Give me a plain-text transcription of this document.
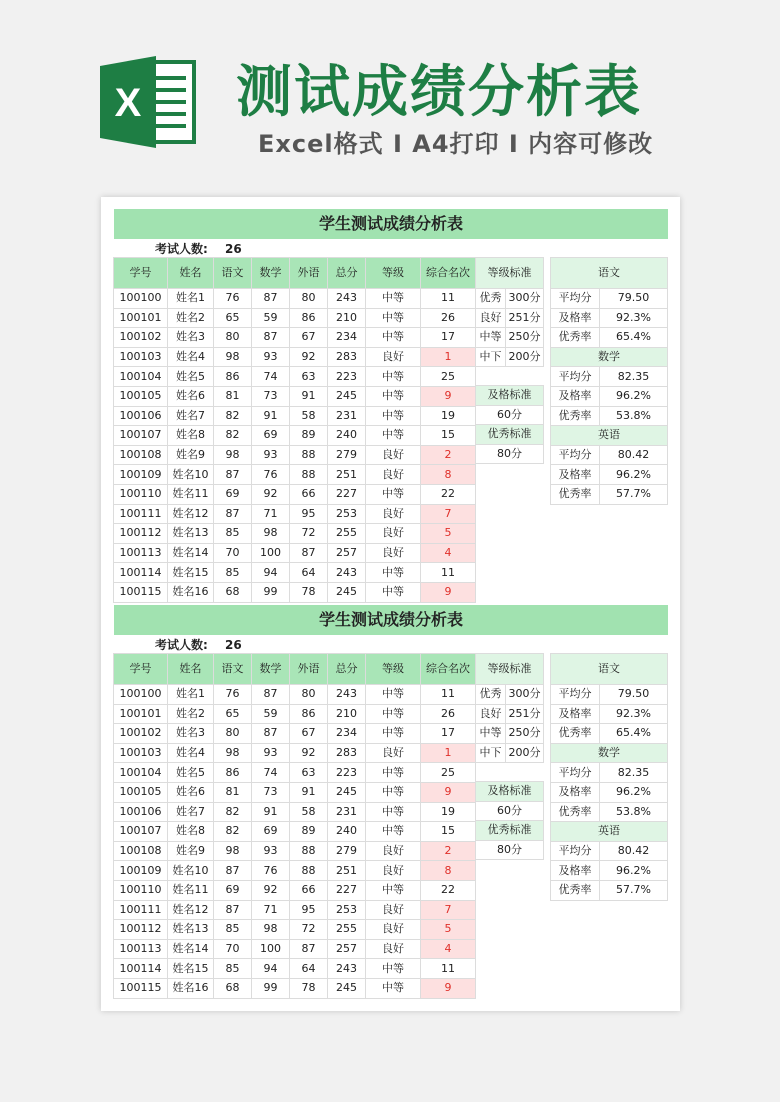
X 测试成绩分析表
Excel格式 Ⅰ A4打印 Ⅰ 内容可修改
学生测试成绩分析表
考试人数: 26
学号	姓名	语文	数学	外语	总分	等级	综合名次
100100	姓名1	76	87	80	243	中等	11
100101	姓名2	65	59	86	210	中等	26
100102	姓名3	80	87	67	234	中等	17
100103	姓名4	98	93	92	283	良好	1
100104	姓名5	86	74	63	223	中等	25
100105	姓名6	81	73	91	245	中等	9
100106	姓名7	82	91	58	231	中等	19
100107	姓名8	82	69	89	240	中等	15
100108	姓名9	98	93	88	279	良好	2
100109	姓名10	87	76	88	251	良好	8
100110	姓名11	69	92	66	227	中等	22
100111	姓名12	87	71	95	253	良好	7
100112	姓名13	85	98	72	255	良好	5
100113	姓名14	70	100	87	257	良好	4
100114	姓名15	85	94	64	243	中等	11
100115	姓名16	68	99	78	245	中等	9
等级标准	
优秀	300分
良好	251分
中等	250分
中下	200分
及格标准
60分
优秀标准
80分
语文	
平均分	79.50
及格率	92.3%
优秀率	65.4%
数学	
平均分	82.35
及格率	96.2%
优秀率	53.8%
英语	
平均分	80.42
及格率	96.2%
优秀率	57.7%
学生测试成绩分析表
考试人数: 26
学号	姓名	语文	数学	外语	总分	等级	综合名次
100100	姓名1	76	87	80	243	中等	11
100101	姓名2	65	59	86	210	中等	26
100102	姓名3	80	87	67	234	中等	17
100103	姓名4	98	93	92	283	良好	1
100104	姓名5	86	74	63	223	中等	25
100105	姓名6	81	73	91	245	中等	9
100106	姓名7	82	91	58	231	中等	19
100107	姓名8	82	69	89	240	中等	15
100108	姓名9	98	93	88	279	良好	2
100109	姓名10	87	76	88	251	良好	8
100110	姓名11	69	92	66	227	中等	22
100111	姓名12	87	71	95	253	良好	7
100112	姓名13	85	98	72	255	良好	5
100113	姓名14	70	100	87	257	良好	4
100114	姓名15	85	94	64	243	中等	11
100115	姓名16	68	99	78	245	中等	9
等级标准	
优秀	300分
良好	251分
中等	250分
中下	200分
及格标准
60分
优秀标准
80分
语文	
平均分	79.50
及格率	92.3%
优秀率	65.4%
数学	
平均分	82.35
及格率	96.2%
优秀率	53.8%
英语	
平均分	80.42
及格率	96.2%
优秀率	57.7%
